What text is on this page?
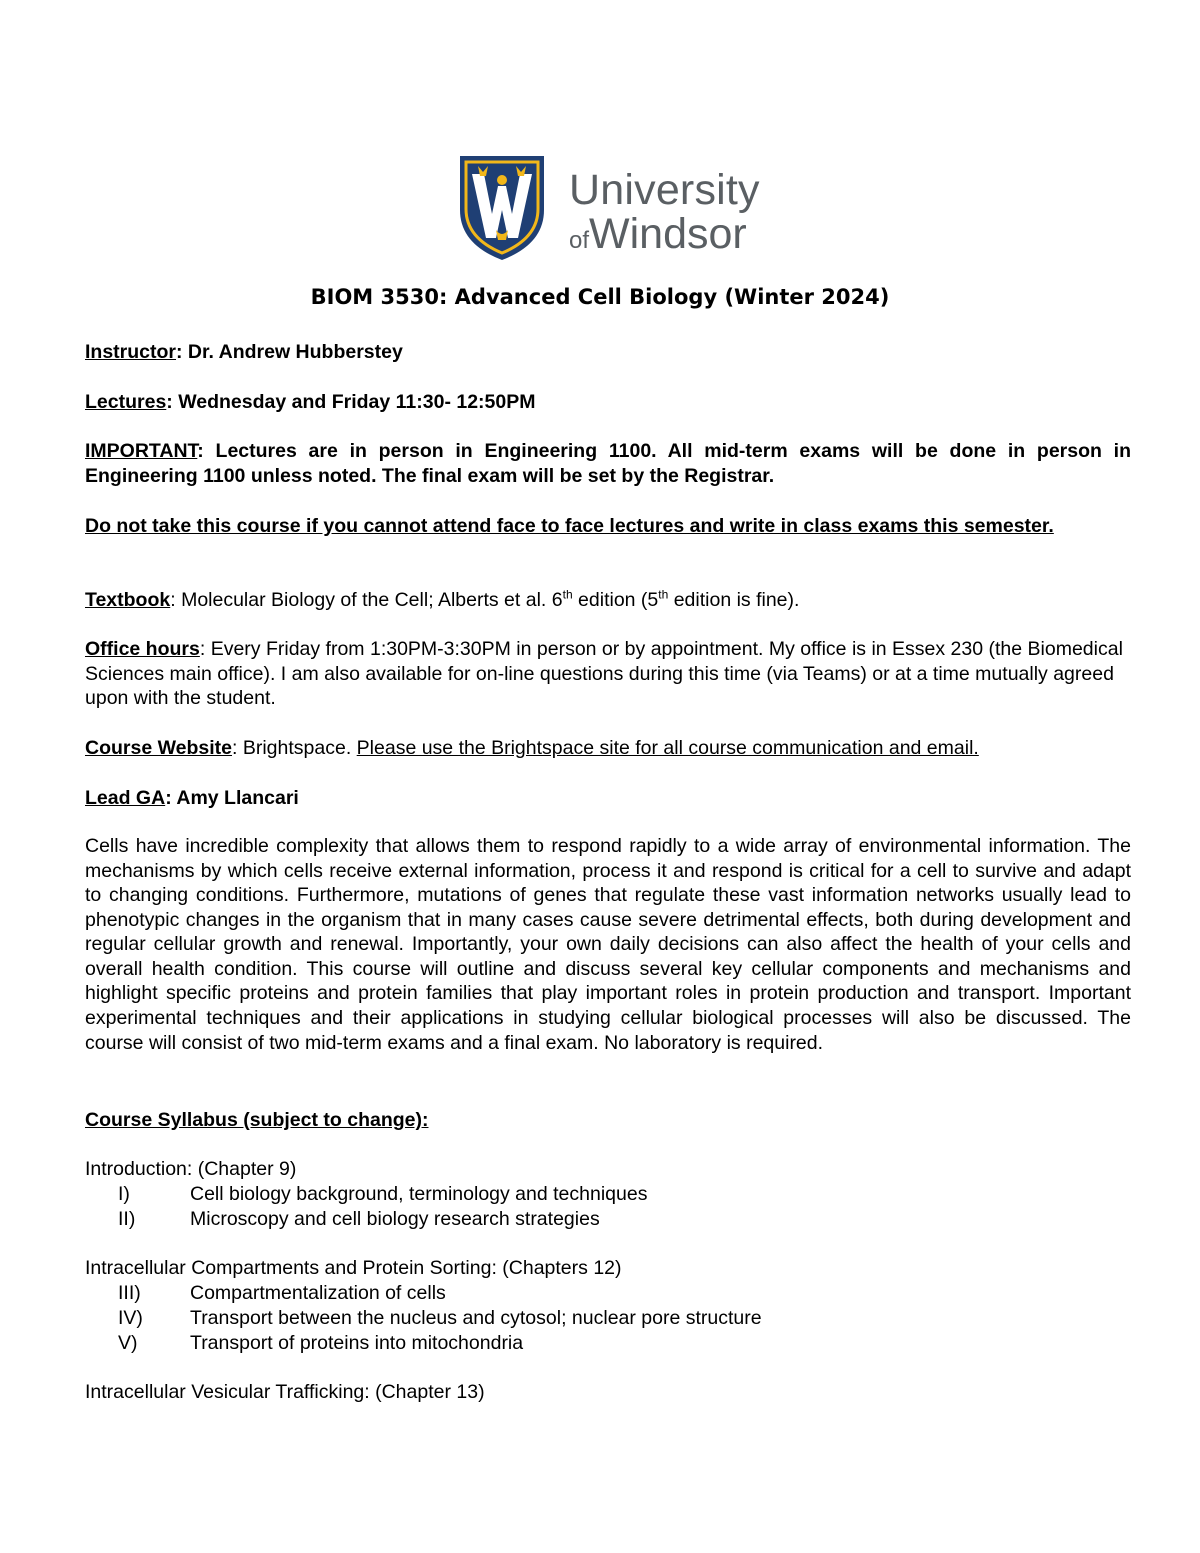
University
ofWindsor
BIOM 3530: Advanced Cell Biology (Winter 2024)
Instructor: Dr. Andrew Hubberstey
Lectures: Wednesday and Friday 11:30- 12:50PM
IMPORTANT: Lectures are in person in Engineering 1100. All mid-term exams will be done in person in Engineering 1100 unless noted. The final exam will be set by the Registrar.
Do not take this course if you cannot attend face to face lectures and write in class exams this semester.
Textbook: Molecular Biology of the Cell; Alberts et al. 6th edition (5th edition is fine).
Office hours: Every Friday from 1:30PM-3:30PM in person or by appointment. My office is in Essex 230 (the Biomedical Sciences main office). I am also available for on-line questions during this time (via Teams) or at a time mutually agreed upon with the student.
Course Website: Brightspace. Please use the Brightspace site for all course communication and email.
Lead GA: Amy Llancari
Cells have incredible complexity that allows them to respond rapidly to a wide array of environmental information. The mechanisms by which cells receive external information, process it and respond is critical for a cell to survive and adapt to changing conditions. Furthermore, mutations of genes that regulate these vast information networks usually lead to phenotypic changes in the organism that in many cases cause severe detrimental effects, both during development and regular cellular growth and renewal. Importantly, your own daily decisions can also affect the health of your cells and overall health condition. This course will outline and discuss several key cellular components and mechanisms and highlight specific proteins and protein families that play important roles in protein production and transport. Important experimental techniques and their applications in studying cellular biological processes will also be discussed. The course will consist of two mid-term exams and a final exam. No laboratory is required.
Course Syllabus (subject to change):
Introduction: (Chapter 9)
I)	Cell biology background, terminology and techniques
II)	Microscopy and cell biology research strategies
Intracellular Compartments and Protein Sorting: (Chapters 12)
III)	Compartmentalization of cells
IV) Transport between the nucleus and cytosol; nuclear pore structure
V)	Transport of proteins into mitochondria
Intracellular Vesicular Trafficking: (Chapter 13)
